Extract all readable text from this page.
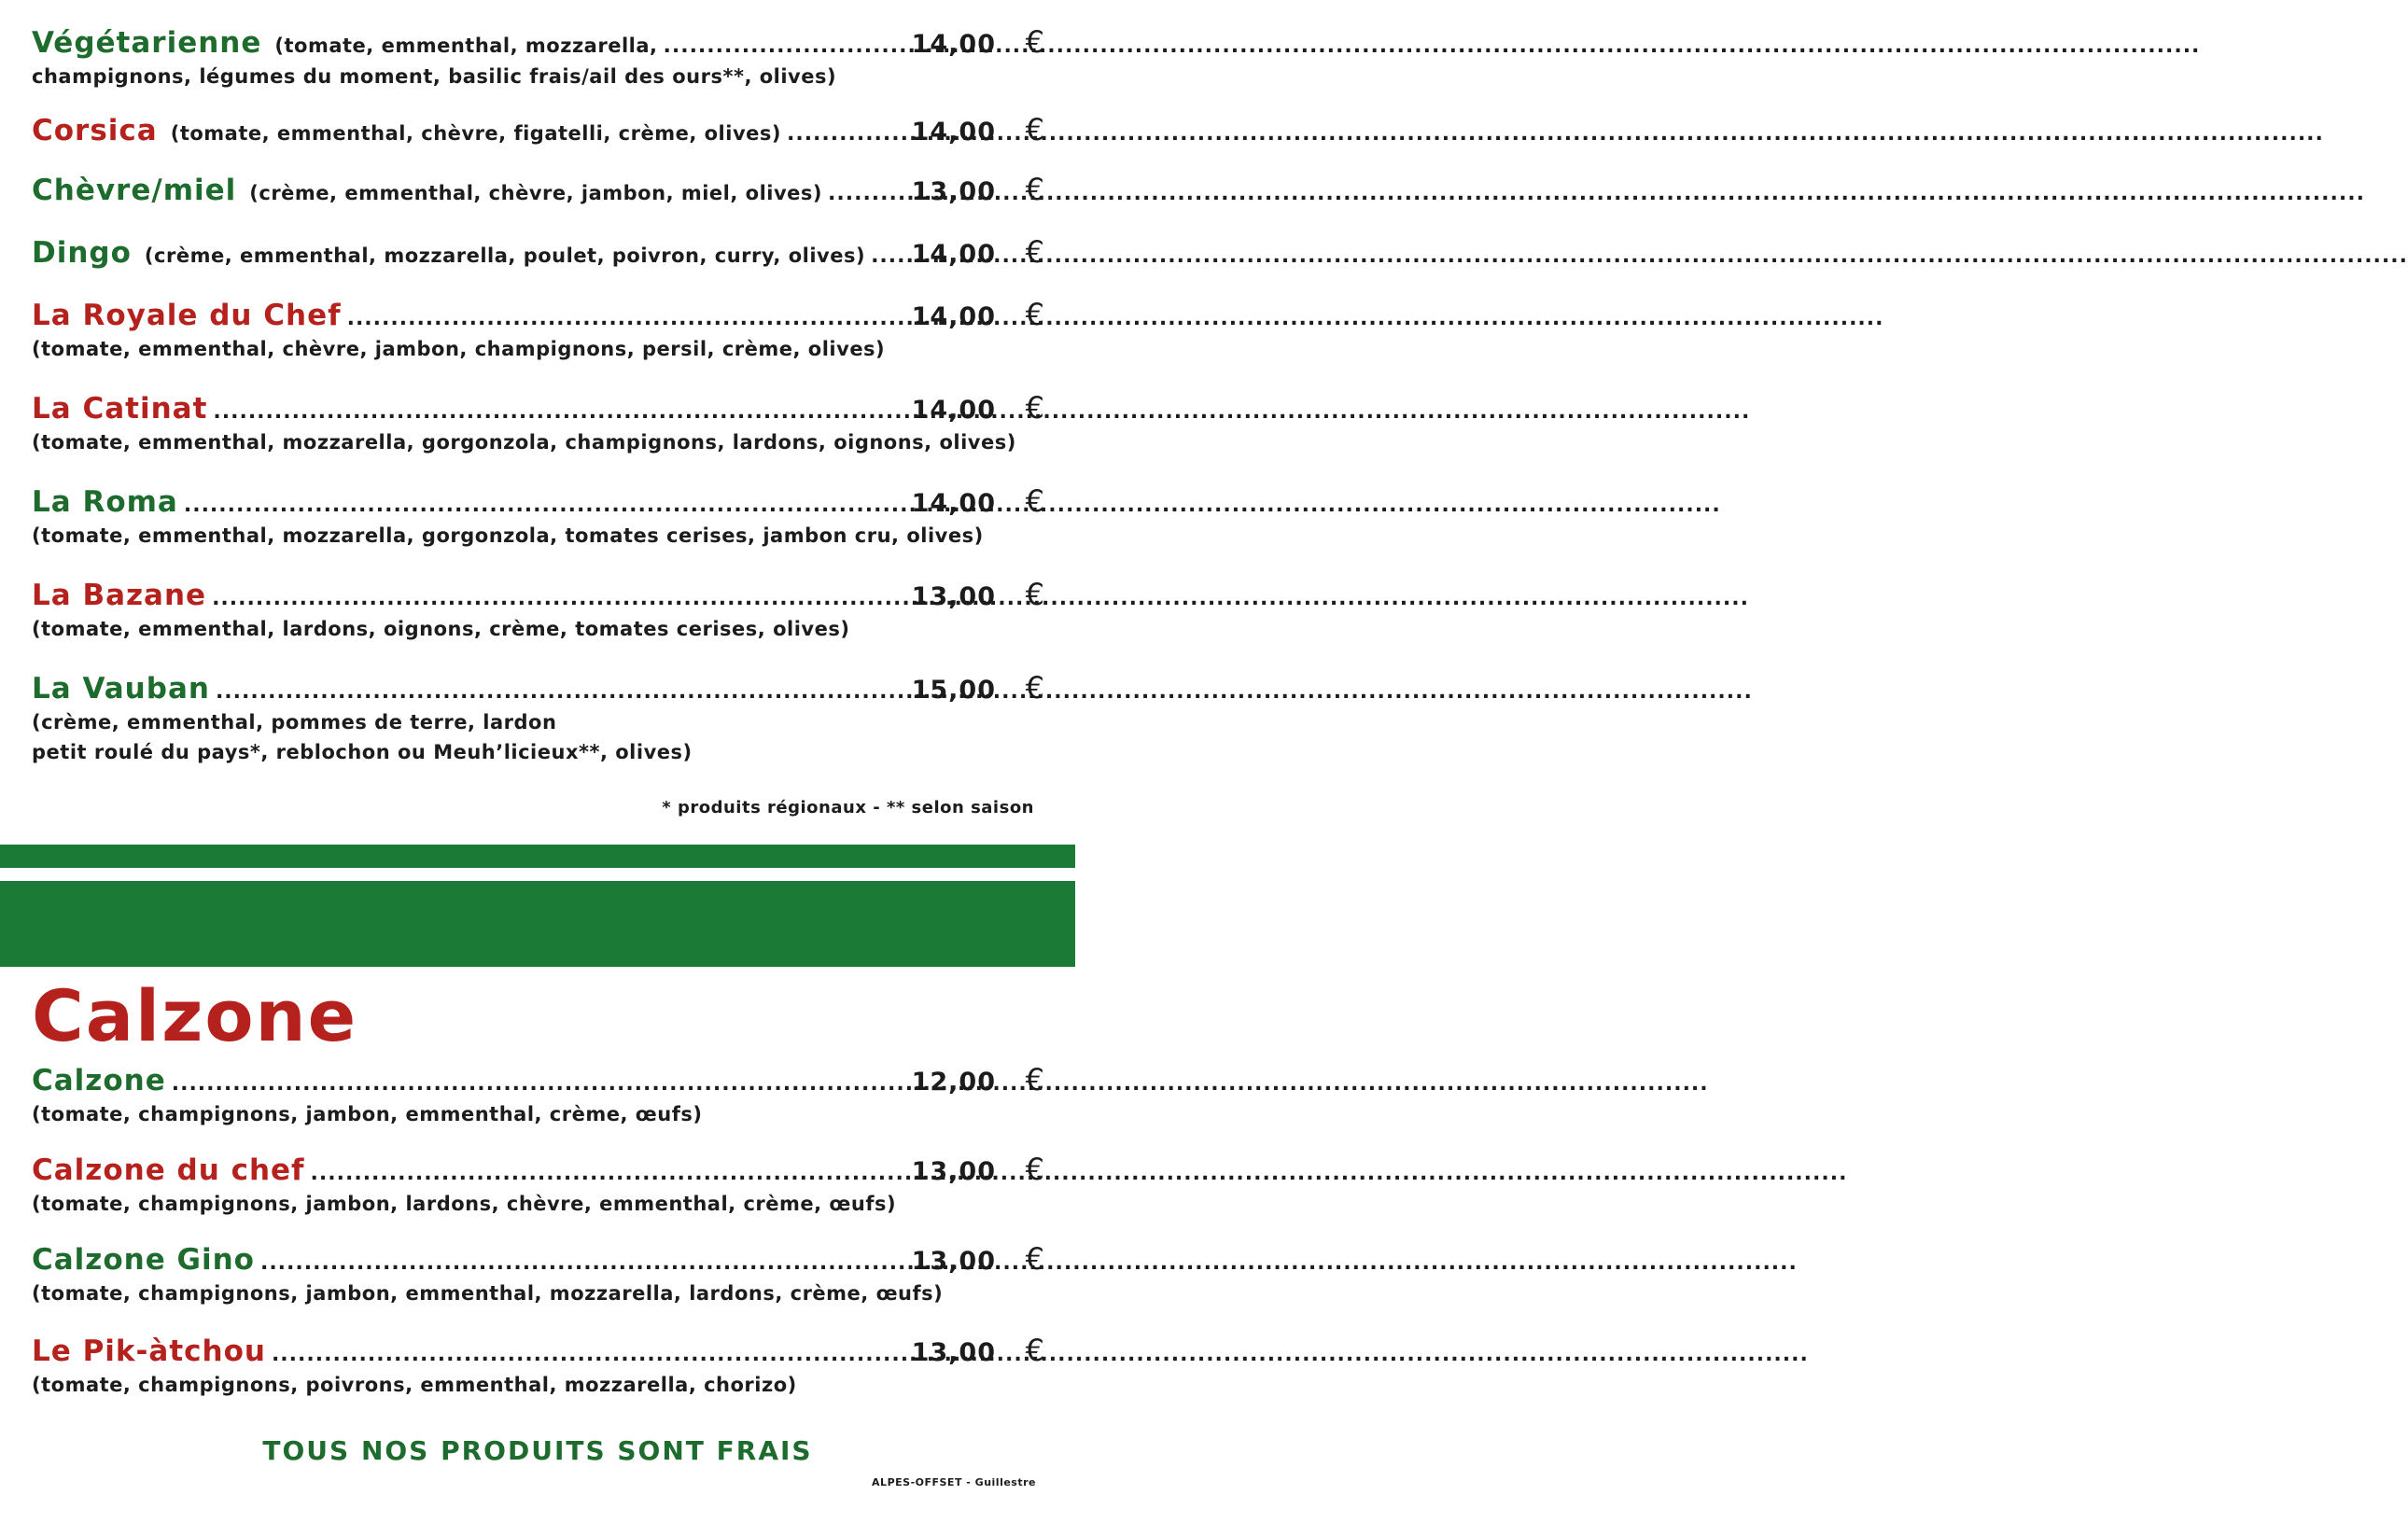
Végétarienne (tomate, emmenthal, mozzarella, .....	14,00 €
champignons, légumes du moment, basilic frais/ail des ours**, olives)
Corsica (tomate, emmenthal, chèvre, figatelli, crème, olives) .....	14,00 €
Chèvre/miel (crème, emmenthal, chèvre, jambon, miel, olives) .....	13,00 €
Dingo (crème, emmenthal, mozzarella, poulet, poivron, curry, olives) ..... 14,00 €
La Royale du Chef .....	14,00 €
(tomate, emmenthal, chèvre, jambon, champignons, persil, crème, olives)
La Catinat .....	14,00 €
(tomate, emmenthal, mozzarella, gorgonzola, champignons, lardons, oignons, olives)
La Roma .....	14,00 €
(tomate, emmenthal, mozzarella, gorgonzola, tomates cerises, jambon cru, olives)
La Bazane .....	13,00 €
(tomate, emmenthal, lardons, oignons, crème, tomates cerises, olives)
La Vauban .....	15,00 €
(crème, emmenthal, pommes de terre, lardon
petit roulé du pays*, reblochon ou Meuh’licieux**, olives)
* produits régionaux - ** selon saison
Calzone
Calzone .....	12,00 €
(tomate, champignons, jambon, emmenthal, crème, œufs)
Calzone du chef .....	13,00 €
(tomate, champignons, jambon, lardons, chèvre, emmenthal, crème, œufs)
Calzone Gino .....	13,00 €
(tomate, champignons, jambon, emmenthal, mozzarella, lardons, crème, œufs)
Le Pik-àtchou .....	13,00 €
(tomate, champignons, poivrons, emmenthal, mozzarella, chorizo)
TOUS NOS PRODUITS SONT FRAIS
ALPES-OFFSET - Guillestre
